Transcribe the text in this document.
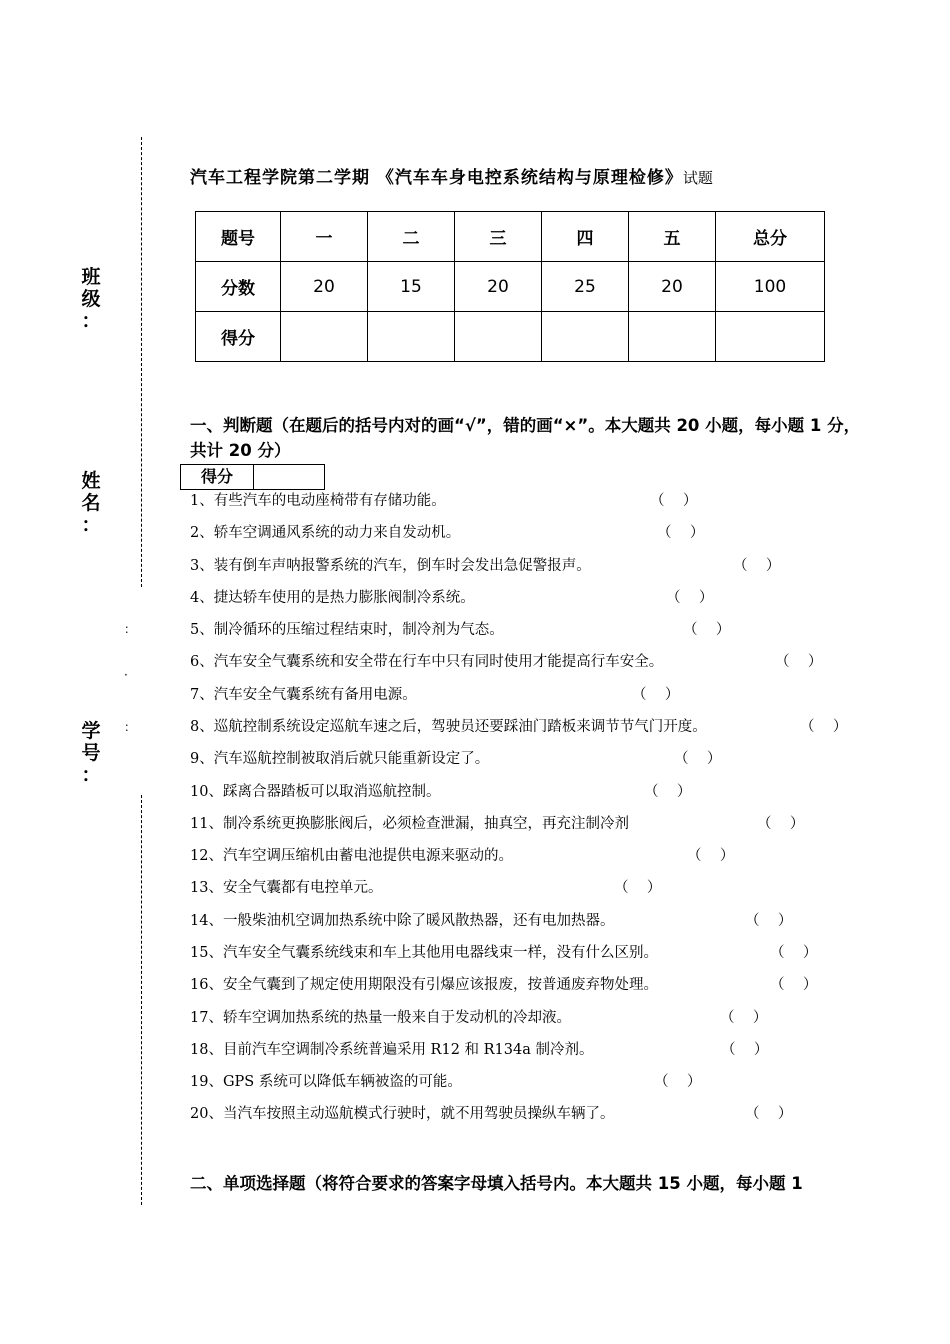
班
级
：
姓
名
：
学
号
：
：
·
：
汽车工程学院第二学期 《汽车车身电控系统结构与原理检修》试题
题号	一	二	三	四	五	总分
分数	20	15	20	25	20	100
得分						
一、判断题（在题后的括号内对的画“√”，错的画“×”。本大题共 20 小题，每小题 1 分，共计 20 分）
得分
1、有些汽车的电动座椅带有存储功能。	（    ）
2、轿车空调通风系统的动力来自发动机。	（    ）
3、装有倒车声呐报警系统的汽车，倒车时会发出急促警报声。	（    ）
4、捷达轿车使用的是热力膨胀阀制冷系统。	（    ）
5、制冷循环的压缩过程结束时，制冷剂为气态。	（    ）
6、汽车安全气囊系统和安全带在行车中只有同时使用才能提高行车安全。	（    ）
7、汽车安全气囊系统有备用电源。	（    ）
8、巡航控制系统设定巡航车速之后，驾驶员还要踩油门踏板来调节节气门开度。	（    ）
9、汽车巡航控制被取消后就只能重新设定了。	（    ）
10、踩离合器踏板可以取消巡航控制。	（    ）
11、制冷系统更换膨胀阀后，必须检查泄漏，抽真空，再充注制冷剂	（    ）
12、汽车空调压缩机由蓄电池提供电源来驱动的。	（    ）
13、安全气囊都有电控单元。	（    ）
14、一般柴油机空调加热系统中除了暖风散热器，还有电加热器。	（    ）
15、汽车安全气囊系统线束和车上其他用电器线束一样，没有什么区别。	（    ）
16、安全气囊到了规定使用期限没有引爆应该报废，按普通废弃物处理。	（    ）
17、轿车空调加热系统的热量一般来自于发动机的冷却液。	（    ）
18、目前汽车空调制冷系统普遍采用 R12 和 R134a 制冷剂。	（    ）
19、GPS 系统可以降低车辆被盗的可能。	（    ）
20、当汽车按照主动巡航模式行驶时，就不用驾驶员操纵车辆了。	（    ）
二、单项选择题（将符合要求的答案字母填入括号内。本大题共 15 小题，每小题 1
